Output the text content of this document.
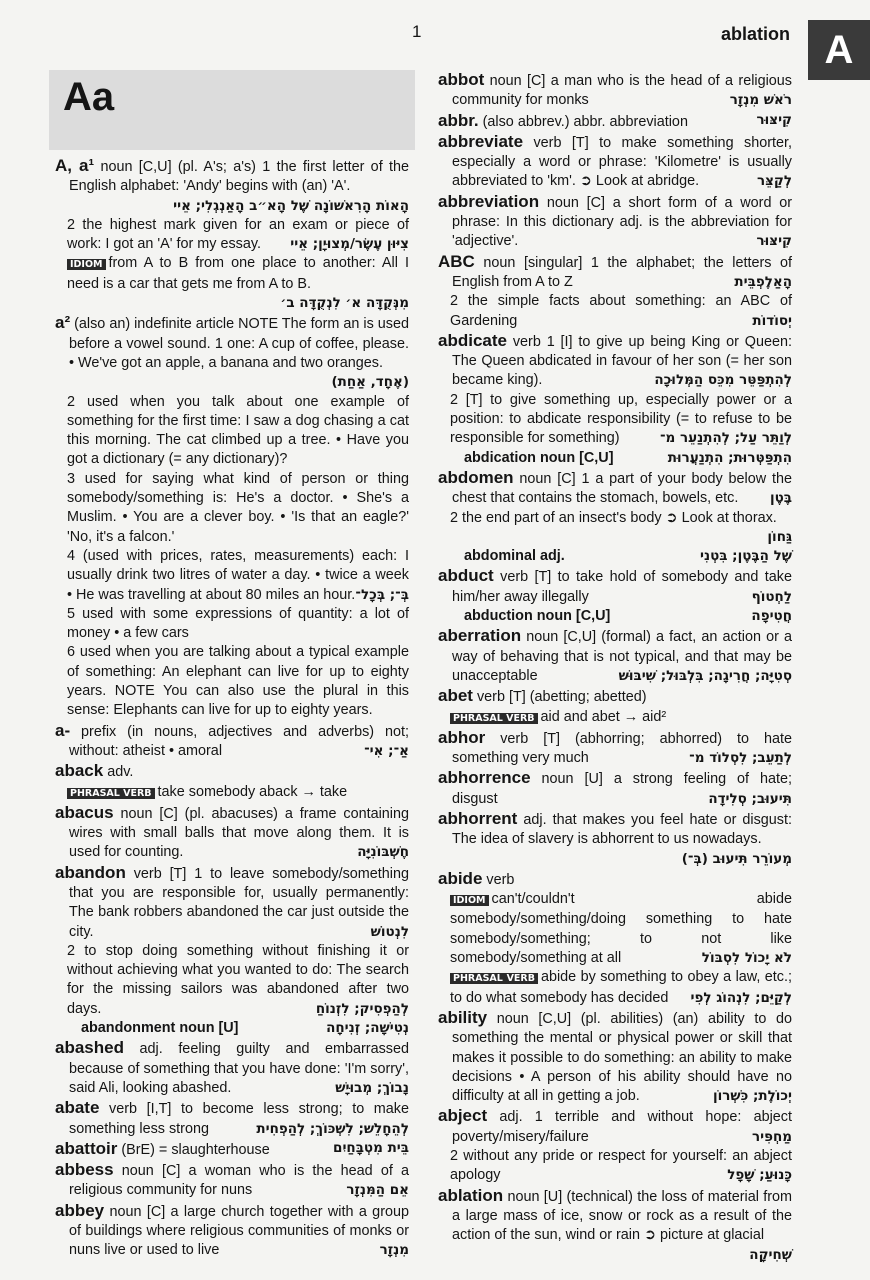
1	ablation A
Aa
A, a¹ noun [C,U] (pl. A's; a's) 1 the first letter of the English alphabet: 'Andy' begins with (an) 'A'.
הָאוֹת הָרִאשׁוֹנָה שֶׁל הָא״ב הָאַנְגְלִי; אֵיי
2 the highest mark given for an exam or piece of work: I got an 'A' for my essay. צִיּוּן עֶשֶׂר/מְצוּיָן; אֵיי
IDIOM from A to B from one place to another: All I need is a car that gets me from A to B.
מִנְּקֻדָּה א׳ לִנְקֻדָּה ב׳
a² (also an) indefinite article NOTE The form an is used before a vowel sound. 1 one: A cup of coffee, please. • We've got an apple, a banana and two oranges.
(אֶחָד, אַחַת)
2 used when you talk about one example of something for the first time: I saw a dog chasing a cat this morning. The cat climbed up a tree. • Have you got a dictionary (= any dictionary)?
3 used for saying what kind of person or thing somebody/something is: He's a doctor. • She's a Muslim. • You are a clever boy. • 'Is that an eagle?' 'No, it's a falcon.'
4 (used with prices, rates, measurements) each: I usually drink two litres of water a day. • twice a week • He was travelling at about 80 miles an hour. בְּ־; בְּכָל־
5 used with some expressions of quantity: a lot of money • a few cars
6 used when you are talking about a typical example of something: An elephant can live for up to eighty years. NOTE You can also use the plural in this sense: Elephants can live for up to eighty years.
a- prefix (in nouns, adjectives and adverbs) not; without: atheist • amoral	אַ־; אִי־
aback adv.
PHRASAL VERB take somebody aback → take
abacus noun [C] (pl. abacuses) a frame containing wires with small balls that move along them. It is used for counting.	חֶשְׁבּוֹנִיָּה
abandon verb [T] 1 to leave somebody/something that you are responsible for, usually permanently: The bank robbers abandoned the car just outside the city.	לִנְטוֹשׁ
2 to stop doing something without finishing it or without achieving what you wanted to do: The search for the missing sailors was abandoned after two days.	לְהַפְסִיק; לִזְנוֹחַ
abandonment noun [U]	נְטִישָׁה; זְנִיחָה
abashed adj. feeling guilty and embarrassed because of something that you have done: 'I'm sorry', said Ali, looking abashed.	נָבוֹךְ; מְבוּיָשׁ
abate verb [I,T] to become less strong; to make something less strong	לְהֵחָלֵשׁ; לִשְׁכּוֹךְ; לְהַפְחִית
abattoir (BrE) = slaughterhouse	בֵּית מִטְבָּחַיִם
abbess noun [C] a woman who is the head of a religious community for nuns	אֵם הַמִּנְזָר
abbey noun [C] a large church together with a group of buildings where religious communities of monks or nuns live or used to live	מִנְזָר
abbot noun [C] a man who is the head of a religious community for monks	רֹאשׁ מִנְזָר
abbr. (also abbrev.) abbr. abbreviation	קִיצּוּר
abbreviate verb [T] to make something shorter, especially a word or phrase: 'Kilometre' is usually abbreviated to 'km'. ➲ Look at abridge.	לְקַצֵּר
abbreviation noun [C] a short form of a word or phrase: In this dictionary adj. is the abbreviation for 'adjective'.	קִיצּוּר
ABC noun [singular] 1 the alphabet; the letters of English from A to Z	הָאַלֶפְבֵּית
2 the simple facts about something: an ABC of Gardening	יְסוֹדוֹת
abdicate verb 1 [I] to give up being King or Queen: The Queen abdicated in favour of her son (= her son became king).	לְהִתְפַּטֵּר מִכֵּס הַמְּלוּכָה
2 [T] to give something up, especially power or a position: to abdicate responsibility (= to refuse to be responsible for something)	לְוַתֵּר עַל; לְהִתְנַעֵר מ־
abdication noun [C,U]	הִתְפַּטְּרוּת; הִתְנַעֲרוּת
abdomen noun [C] 1 a part of your body below the chest that contains the stomach, bowels, etc. בֶּטֶן
2 the end part of an insect's body ➲ Look at thorax.
גַּחוֹן
abdominal adj.	שֶׁל הַבֶּטֶן; בִּטְנִי
abduct verb [T] to take hold of somebody and take him/her away illegally	לַחְטוֹף
abduction noun [C,U]	חֲטִיפָה
aberration noun [C,U] (formal) a fact, an action or a way of behaving that is not typical, and that may be unacceptable	סְטִיָּה; חֲרִיגָה; בִּלְבּוּל; שִׁיבּוּשׁ
abet verb [T] (abetting; abetted)
PHRASAL VERB aid and abet → aid²
abhor verb [T] (abhorring; abhorred) to hate something very much	לְתַעֵב; לִסְלוֹד מ־
abhorrence noun [U] a strong feeling of hate; disgust	תִּיעוּב; סְלִידָה
abhorrent adj. that makes you feel hate or disgust: The idea of slavery is abhorrent to us nowadays.
מְעוֹרֵר תִּיעוּב (בְּ־)
abide verb
IDIOM can't/couldn't abide somebody/something/doing something to hate somebody/something; to not like somebody/something at all	לֹא יָכוֹל לִסְבּוֹל
PHRASAL VERB abide by something to obey a law, etc.; to do what somebody has decided לְקַיֵּם; לִנְהוֹג לְפִי
ability noun [C,U] (pl. abilities) (an) ability to do something the mental or physical power or skill that makes it possible to do something: an ability to make decisions • A person of his ability should have no difficulty at all in getting a job.	יְכוֹלֶת; כִּשְׁרוֹן
abject adj. 1 terrible and without hope: abject poverty/misery/failure	מַחְפִּיר
2 without any pride or respect for yourself: an abject apology	כָּנוּעַ; שָׁפָל
ablation noun [U] (technical) the loss of material from a large mass of ice, snow or rock as a result of the action of the sun, wind or rain ➲ picture at glacial
שְׁחִיקָה
